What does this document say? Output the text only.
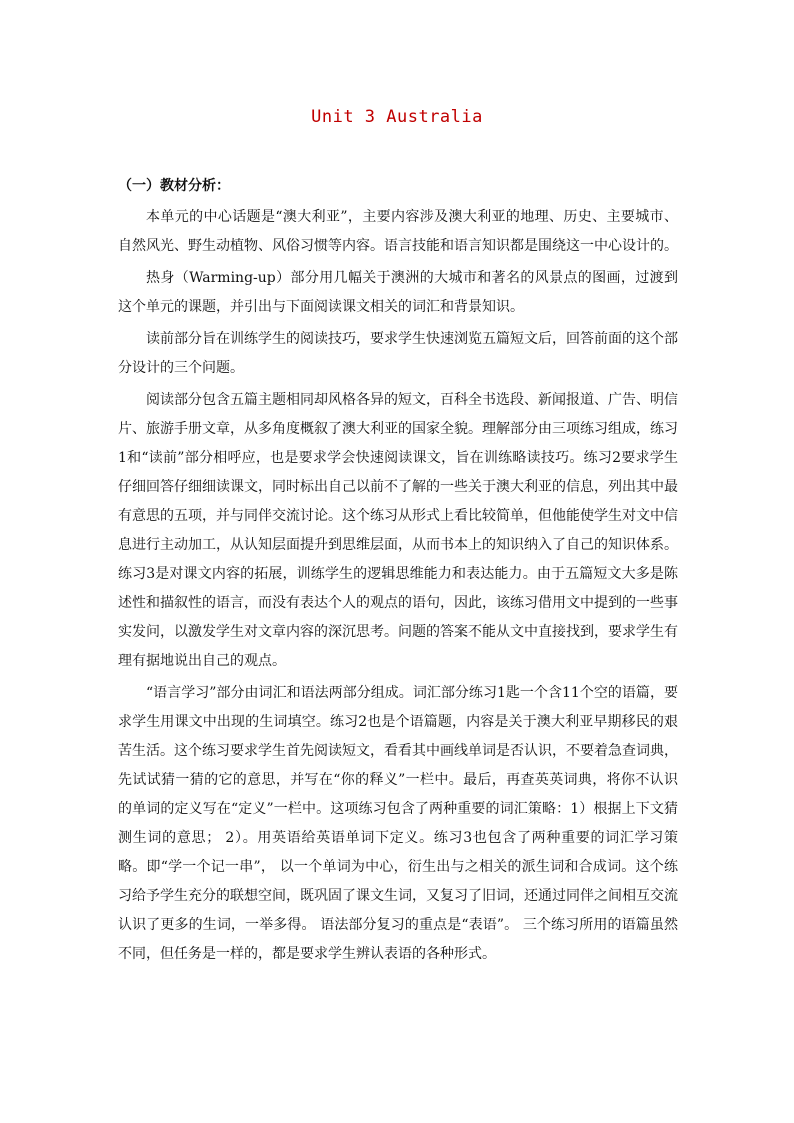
Unit 3 Australia
（一）教材分析：

本单元的中心话题是“澳大利亚”，主要内容涉及澳大利亚的地理、历史、主要城市、自然风光、野生动植物、风俗习惯等内容。语言技能和语言知识都是围绕这一中心设计的。

热身（Warming-up）部分用几幅关于澳洲的大城市和著名的风景点的图画，过渡到这个单元的课题，并引出与下面阅读课文相关的词汇和背景知识。

读前部分旨在训练学生的阅读技巧，要求学生快速浏览五篇短文后，回答前面的这个部分设计的三个问题。

阅读部分包含五篇主题相同却风格各异的短文，百科全书选段、新闻报道、广告、明信片、旅游手册文章，从多角度概叙了澳大利亚的国家全貌。理解部分由三项练习组成，练习1和“读前”部分相呼应，也是要求学会快速阅读课文，旨在训练略读技巧。练习2要求学生仔细回答仔细细读课文，同时标出自己以前不了解的一些关于澳大利亚的信息，列出其中最有意思的五项，并与同伴交流讨论。这个练习从形式上看比较简单，但他能使学生对文中信息进行主动加工，从认知层面提升到思维层面，从而书本上的知识纳入了自己的知识体系。练习3是对课文内容的拓展，训练学生的逻辑思维能力和表达能力。由于五篇短文大多是陈述性和描叙性的语言，而没有表达个人的观点的语句，因此，该练习借用文中提到的一些事实发问，以激发学生对文章内容的深沉思考。问题的答案不能从文中直接找到，要求学生有理有据地说出自己的观点。

“语言学习”部分由词汇和语法两部分组成。词汇部分练习1匙一个含11个空的语篇，要求学生用课文中出现的生词填空。练习2也是个语篇题，内容是关于澳大利亚早期移民的艰苦生活。这个练习要求学生首先阅读短文，看看其中画线单词是否认识，不要着急查词典，先试试猜一猜的它的意思，并写在“你的释义”一栏中。最后，再查英英词典，将你不认识的单词的定义写在“定义”一栏中。这项练习包含了两种重要的词汇策略：1）根据上下文猜测生词的意思； 2）。用英语给英语单词下定义。练习3也包含了两种重要的词汇学习策略。即“学一个记一串”， 以一个单词为中心，衍生出与之相关的派生词和合成词。这个练习给予学生充分的联想空间，既巩固了课文生词，又复习了旧词，还通过同伴之间相互交流认识了更多的生词，一举多得。 语法部分复习的重点是“表语”。 三个练习所用的语篇虽然不同，但任务是一样的，都是要求学生辨认表语的各种形式。
